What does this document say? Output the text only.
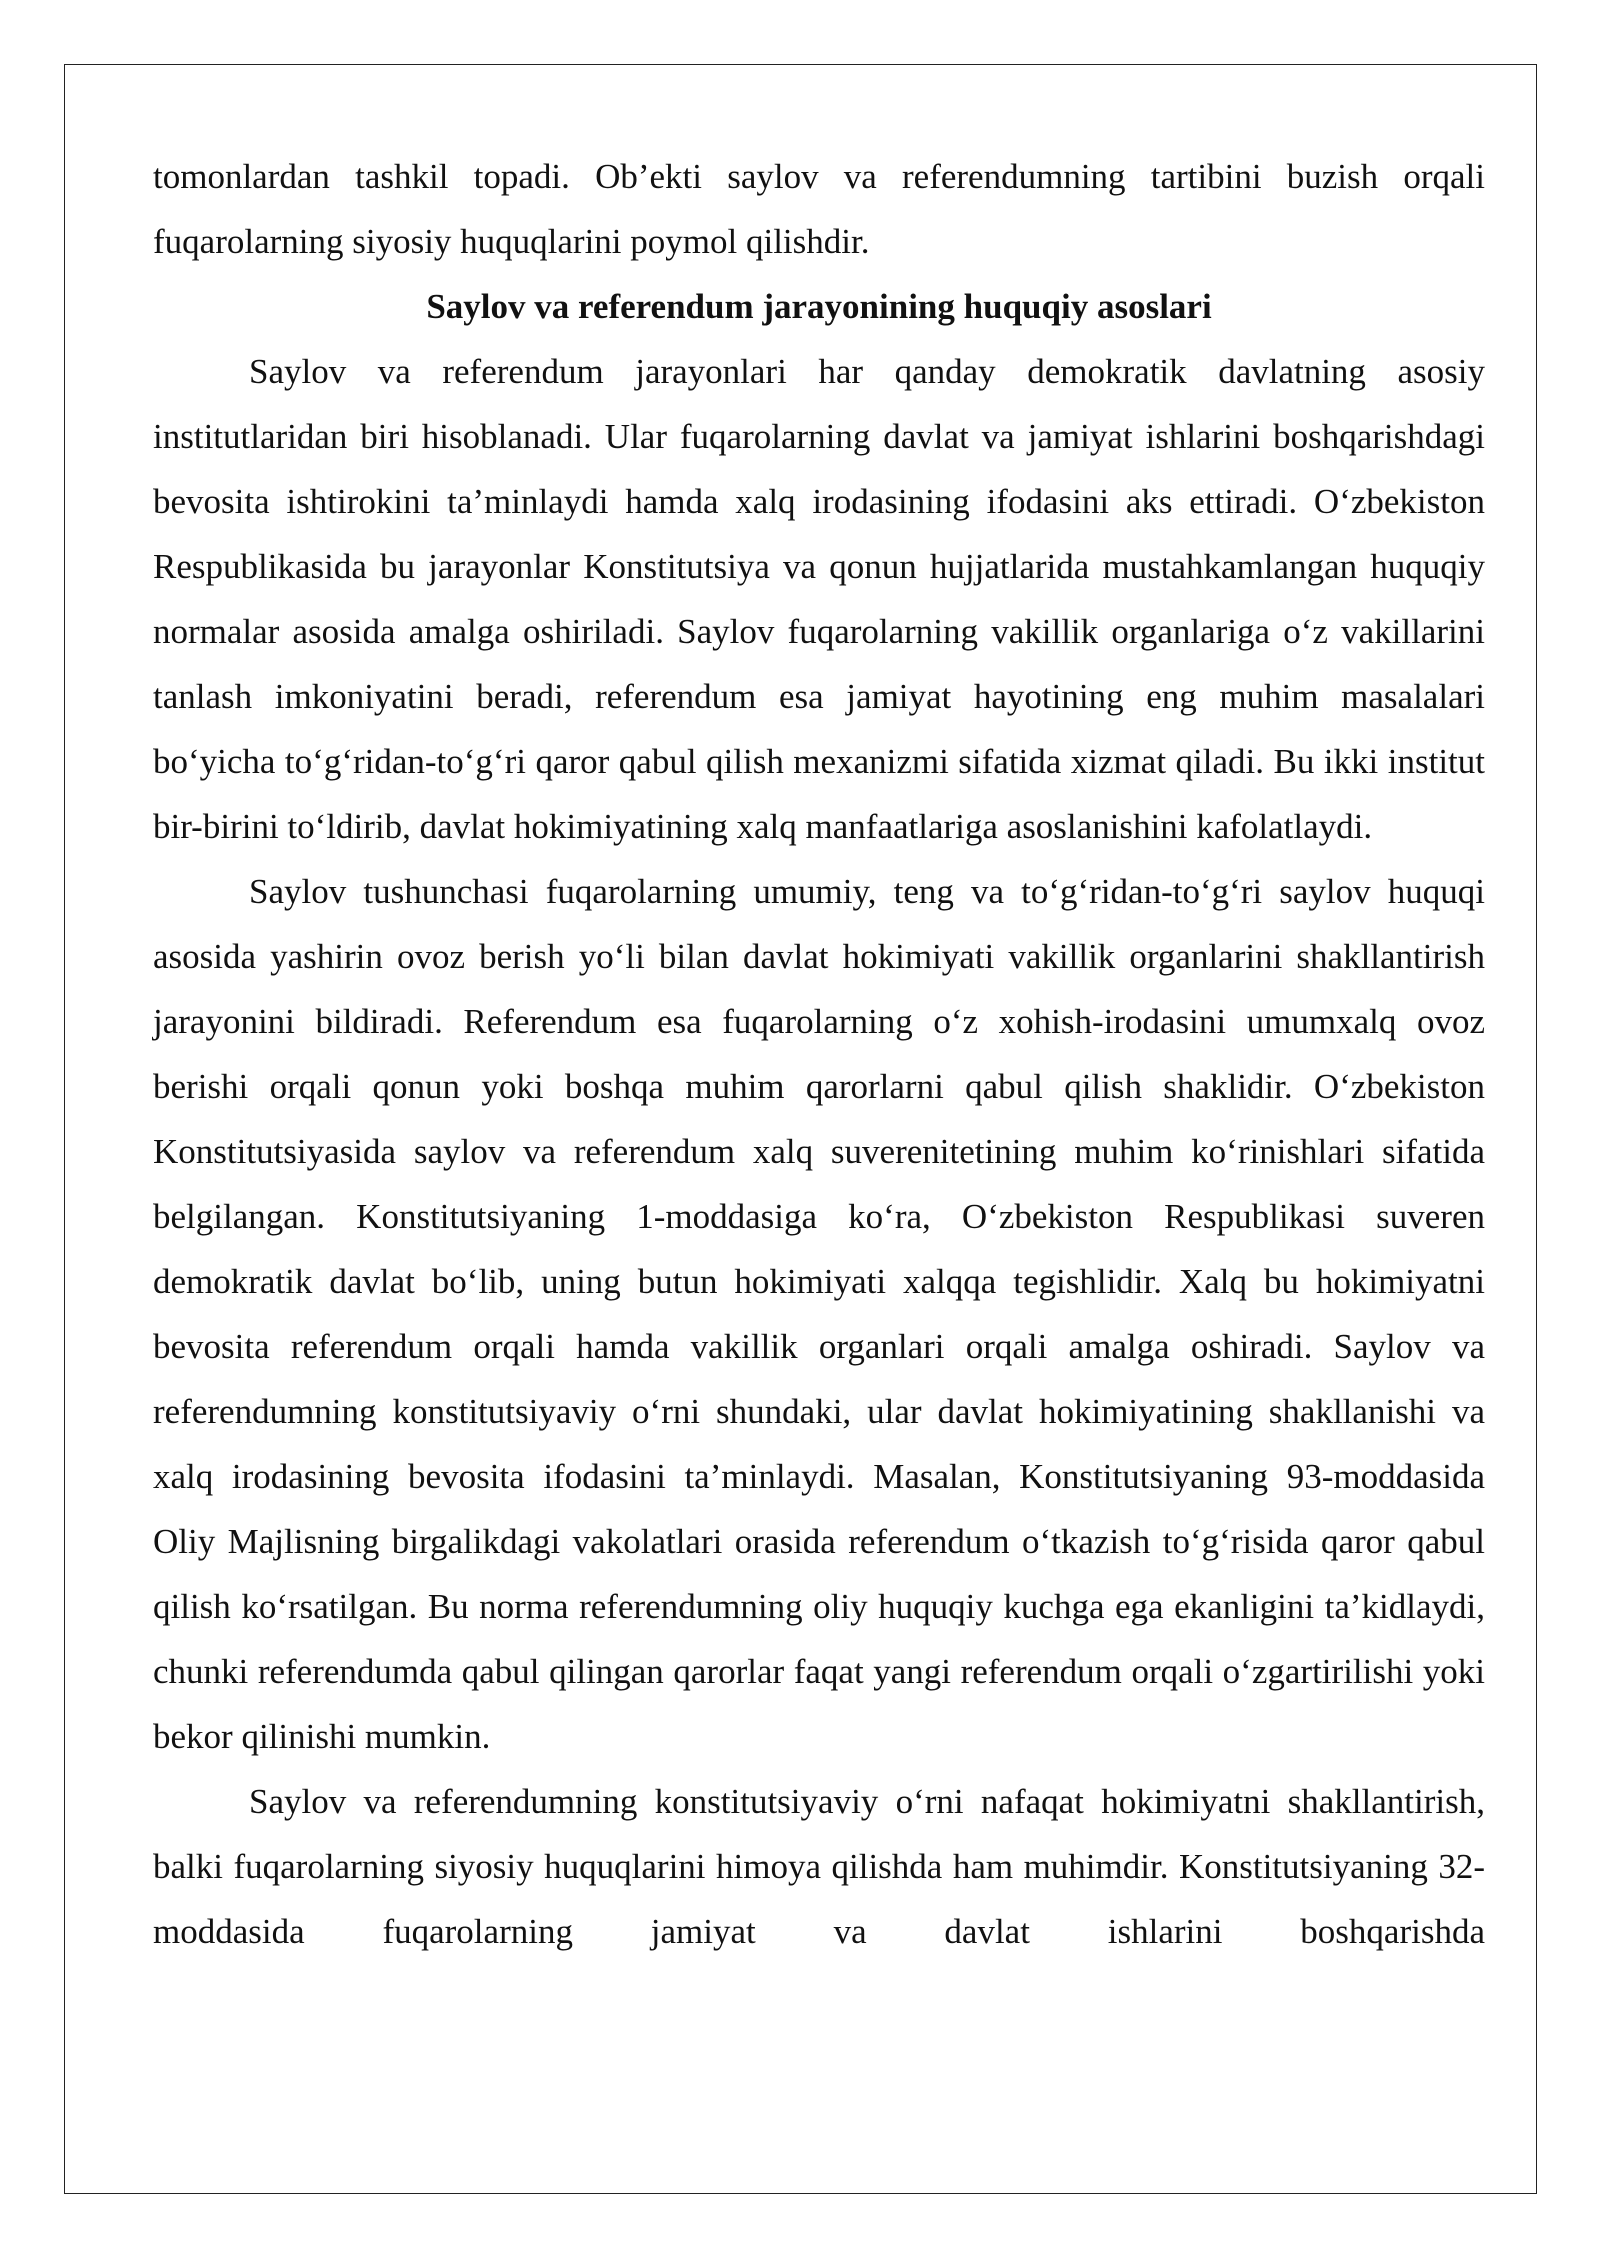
tomonlardan tashkil topadi. Ob’ekti saylov va referendumning tartibini buzish orqali fuqarolarning siyosiy huquqlarini poymol qilishdir.

Saylov va referendum jarayonining huquqiy asoslari

Saylov va referendum jarayonlari har qanday demokratik davlatning asosiy institutlaridan biri hisoblanadi. Ular fuqarolarning davlat va jamiyat ishlarini boshqarishdagi bevosita ishtirokini ta’minlaydi hamda xalq irodasining ifodasini aks ettiradi. O‘zbekiston Respublikasida bu jarayonlar Konstitutsiya va qonun hujjatlarida mustahkamlangan huquqiy normalar asosida amalga oshiriladi. Saylov fuqarolarning vakillik organlariga o‘z vakillarini tanlash imkoniyatini beradi, referendum esa jamiyat hayotining eng muhim masalalari bo‘yicha to‘g‘ridan-to‘g‘ri qaror qabul qilish mexanizmi sifatida xizmat qiladi. Bu ikki institut bir-birini to‘ldirib, davlat hokimiyatining xalq manfaatlariga asoslanishini kafolatlaydi.

Saylov tushunchasi fuqarolarning umumiy, teng va to‘g‘ridan-to‘g‘ri saylov huquqi asosida yashirin ovoz berish yo‘li bilan davlat hokimiyati vakillik organlarini shakllantirish jarayonini bildiradi. Referendum esa fuqarolarning o‘z xohish-irodasini umumxalq ovoz berishi orqali qonun yoki boshqa muhim qarorlarni qabul qilish shaklidir. O‘zbekiston Konstitutsiyasida saylov va referendum xalq suverenitetining muhim ko‘rinishlari sifatida belgilangan. Konstitutsiyaning 1-moddasiga ko‘ra, O‘zbekiston Respublikasi suveren demokratik davlat bo‘lib, uning butun hokimiyati xalqqa tegishlidir. Xalq bu hokimiyatni bevosita referendum orqali hamda vakillik organlari orqali amalga oshiradi. Saylov va referendumning konstitutsiyaviy o‘rni shundaki, ular davlat hokimiyatining shakllanishi va xalq irodasining bevosita ifodasini ta’minlaydi. Masalan, Konstitutsiyaning 93-moddasida Oliy Majlisning birgalikdagi vakolatlari orasida referendum o‘tkazish to‘g‘risida qaror qabul qilish ko‘rsatilgan. Bu norma referendumning oliy huquqiy kuchga ega ekanligini ta’kidlaydi, chunki referendumda qabul qilingan qarorlar faqat yangi referendum orqali o‘zgartirilishi yoki bekor qilinishi mumkin.

Saylov va referendumning konstitutsiyaviy o‘rni nafaqat hokimiyatni shakllantirish, balki fuqarolarning siyosiy huquqlarini himoya qilishda ham muhimdir. Konstitutsiyaning 32-moddasida fuqarolarning jamiyat va davlat ishlarini boshqarishda
